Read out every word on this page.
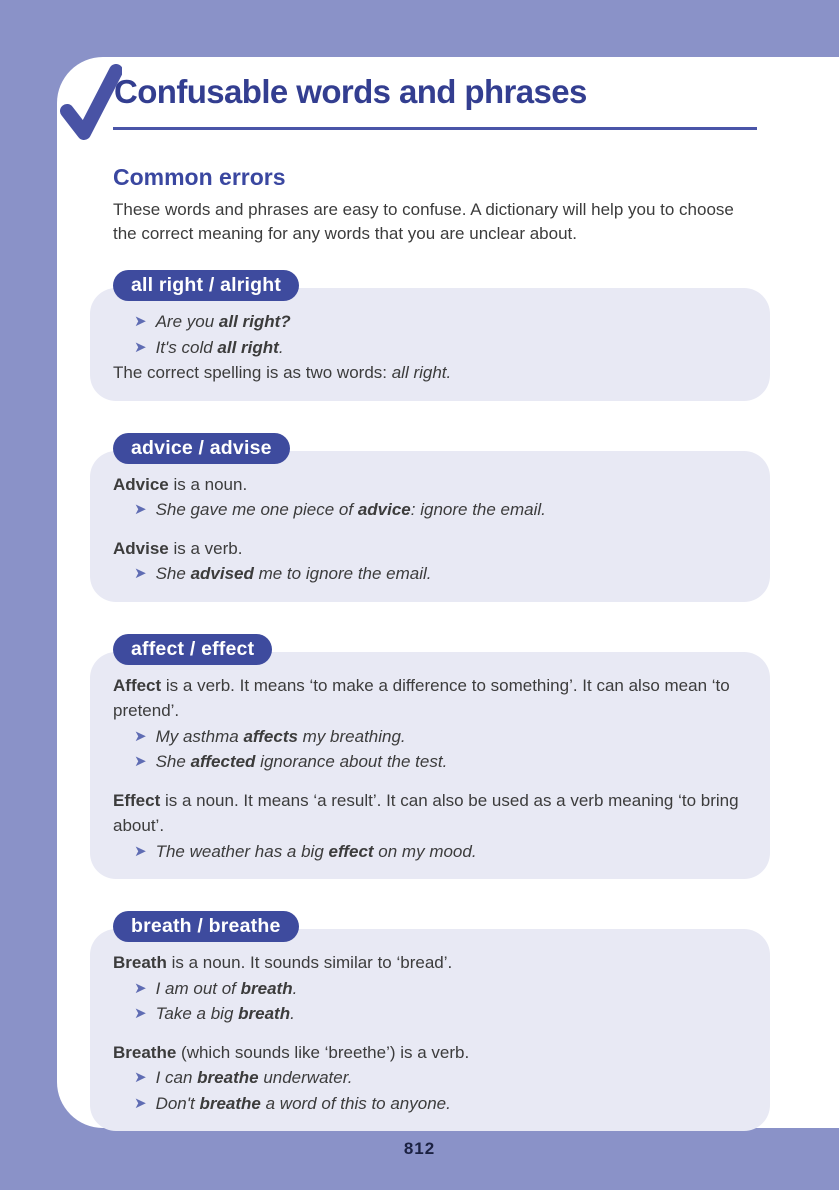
Confusable words and phrases
Common errors

These words and phrases are easy to confuse. A dictionary will help you to choose the correct meaning for any words that you are unclear about.

all right / alright
➤ Are you all right?
➤ It's cold all right.
The correct spelling is as two words: all right.
advice / advise
Advice is a noun.
➤ She gave me one piece of advice: ignore the email.
Advise is a verb.
➤ She advised me to ignore the email.
affect / effect
Affect is a verb. It means ‘to make a difference to something’. It can also mean ‘to pretend’.
➤ My asthma affects my breathing.
➤ She affected ignorance about the test.
Effect is a noun. It means ‘a result’. It can also be used as a verb meaning ‘to bring about’.
➤ The weather has a big effect on my mood.
breath / breathe
Breath is a noun. It sounds similar to ‘bread’.
➤ I am out of breath.
➤ Take a big breath.
Breathe (which sounds like ‘breethe’) is a verb.
➤ I can breathe underwater.
➤ Don't breathe a word of this to anyone.
812
